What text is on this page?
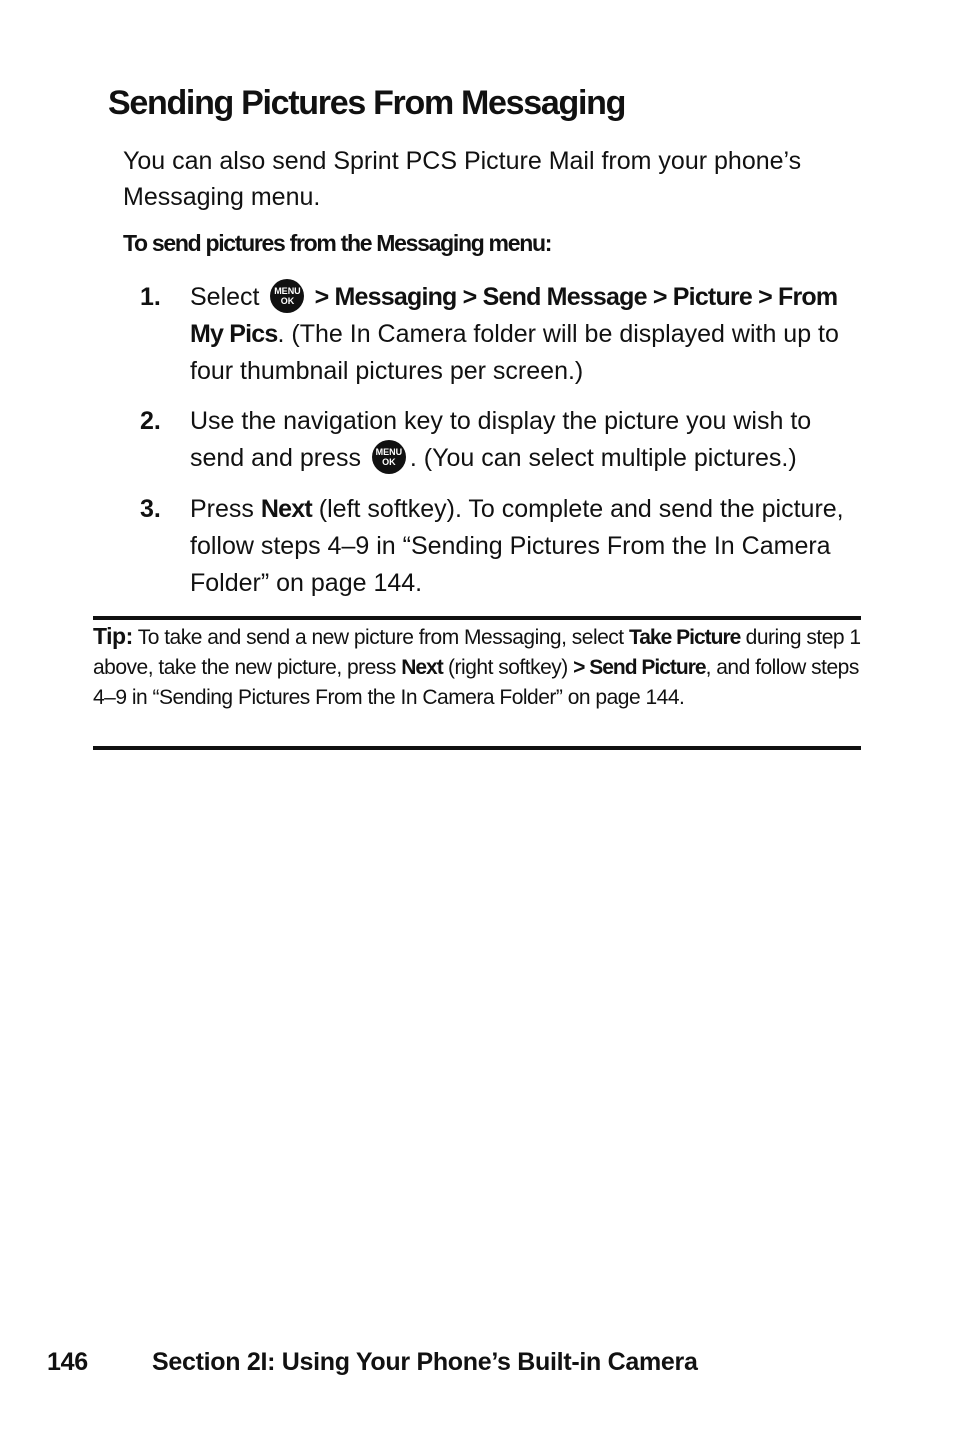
Sending Pictures From Messaging

You can also send Sprint PCS Picture Mail from your phone’s Messaging menu.

To send pictures from the Messaging menu:

1.	Select	MENU
OK > Messaging > Send Message > Picture > From My Pics. (The In Camera folder will be displayed with up to four thumbnail pictures per screen.)
2.	Use the navigation key to display the picture you wish to send and press	MENU
OK . (You can select multiple pictures.)
3.	Press Next (left softkey). To complete and send the picture, follow steps 4–9 in “Sending Pictures From the In Camera Folder” on page 144.
Tip: To take and send a new picture from Messaging, select Take Picture during step 1 above, take the new picture, press Next (right softkey) > Send Picture, and follow steps 4–9 in “Sending Pictures From the In Camera Folder” on page 144.
146	Section 2I: Using Your Phone’s Built-in Camera
